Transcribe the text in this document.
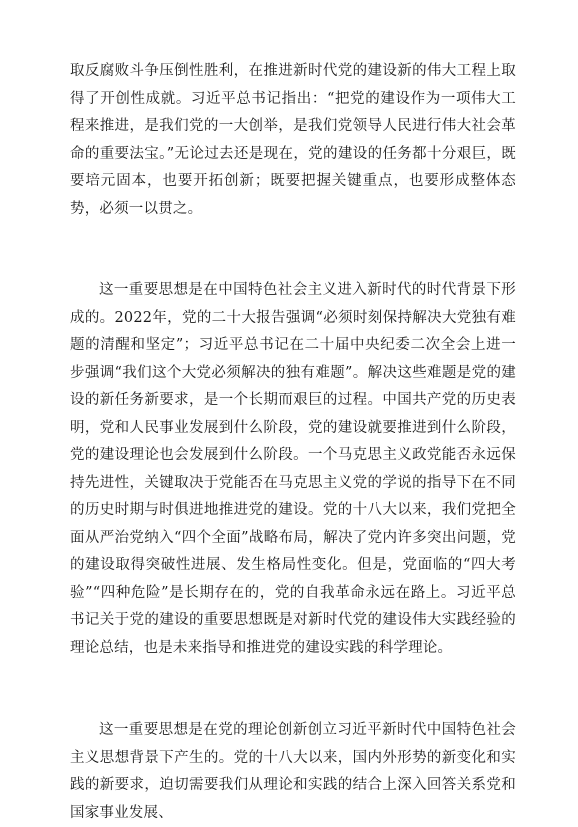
取反腐败斗争压倒性胜利，在推进新时代党的建设新的伟大工程上取得了开创性成就。习近平总书记指出：“把党的建设作为一项伟大工程来推进，是我们党的一大创举，是我们党领导人民进行伟大社会革命的重要法宝。”无论过去还是现在，党的建设的任务都十分艰巨，既要培元固本，也要开拓创新；既要把握关键重点，也要形成整体态势，必须一以贯之。

这一重要思想是在中国特色社会主义进入新时代的时代背景下形成的。2022年，党的二十大报告强调“必须时刻保持解决大党独有难题的清醒和坚定”；习近平总书记在二十届中央纪委二次全会上进一步强调“我们这个大党必须解决的独有难题”。解决这些难题是党的建设的新任务新要求，是一个长期而艰巨的过程。中国共产党的历史表明，党和人民事业发展到什么阶段，党的建设就要推进到什么阶段，党的建设理论也会发展到什么阶段。一个马克思主义政党能否永远保持先进性，关键取决于党能否在马克思主义党的学说的指导下在不同的历史时期与时俱进地推进党的建设。党的十八大以来，我们党把全面从严治党纳入“四个全面”战略布局，解决了党内许多突出问题，党的建设取得突破性进展、发生格局性变化。但是，党面临的“四大考验”“四种危险”是长期存在的，党的自我革命永远在路上。习近平总书记关于党的建设的重要思想既是对新时代党的建设伟大实践经验的理论总结，也是未来指导和推进党的建设实践的科学理论。

这一重要思想是在党的理论创新创立习近平新时代中国特色社会主义思想背景下产生的。党的十八大以来，国内外形势的新变化和实践的新要求，迫切需要我们从理论和实践的结合上深入回答关系党和国家事业发展、
